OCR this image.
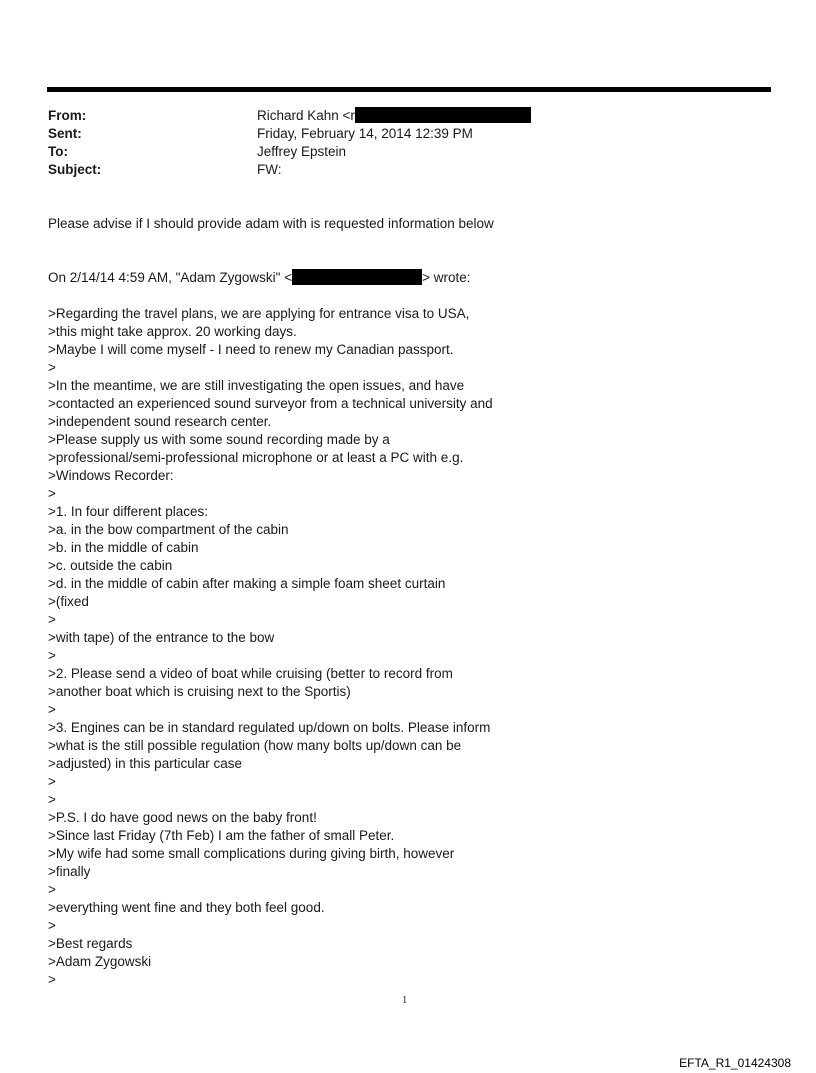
From:	Richard Kahn <r
Sent:	Friday, February 14, 2014 12:39 PM
To:	Jeffrey Epstein
Subject:	FW:

Please advise if I should provide adam with is requested information below

On 2/14/14 4:59 AM, "Adam Zygowski" <	> wrote:

>Regarding the travel plans, we are applying for entrance visa to USA,
>this might take approx. 20 working days.
>Maybe I will come myself - I need to renew my Canadian passport.
>
>In the meantime, we are still investigating the open issues, and have
>contacted an experienced sound surveyor from a technical university and
>independent sound research center.
>Please supply us with some sound recording made by a
>professional/semi-professional microphone or at least a PC with e.g.
>Windows Recorder:
>
>1. In four different places:
>a. in the bow compartment of the cabin
>b. in the middle of cabin
>c. outside the cabin
>d. in the middle of cabin after making a simple foam sheet curtain
>(fixed
>
>with tape) of the entrance to the bow
>
>2. Please send a video of boat while cruising (better to record from
>another boat which is cruising next to the Sportis)
>
>3. Engines can be in standard regulated up/down on bolts. Please inform
>what is the still possible regulation (how many bolts up/down can be
>adjusted) in this particular case
>
>
>P.S. I do have good news on the baby front!
>Since last Friday (7th Feb) I am the father of small Peter.
>My wife had some small complications during giving birth, however
>finally
>
>everything went fine and they both feel good.
>
>Best regards
>Adam Zygowski
>
1
EFTA_R1_01424308
